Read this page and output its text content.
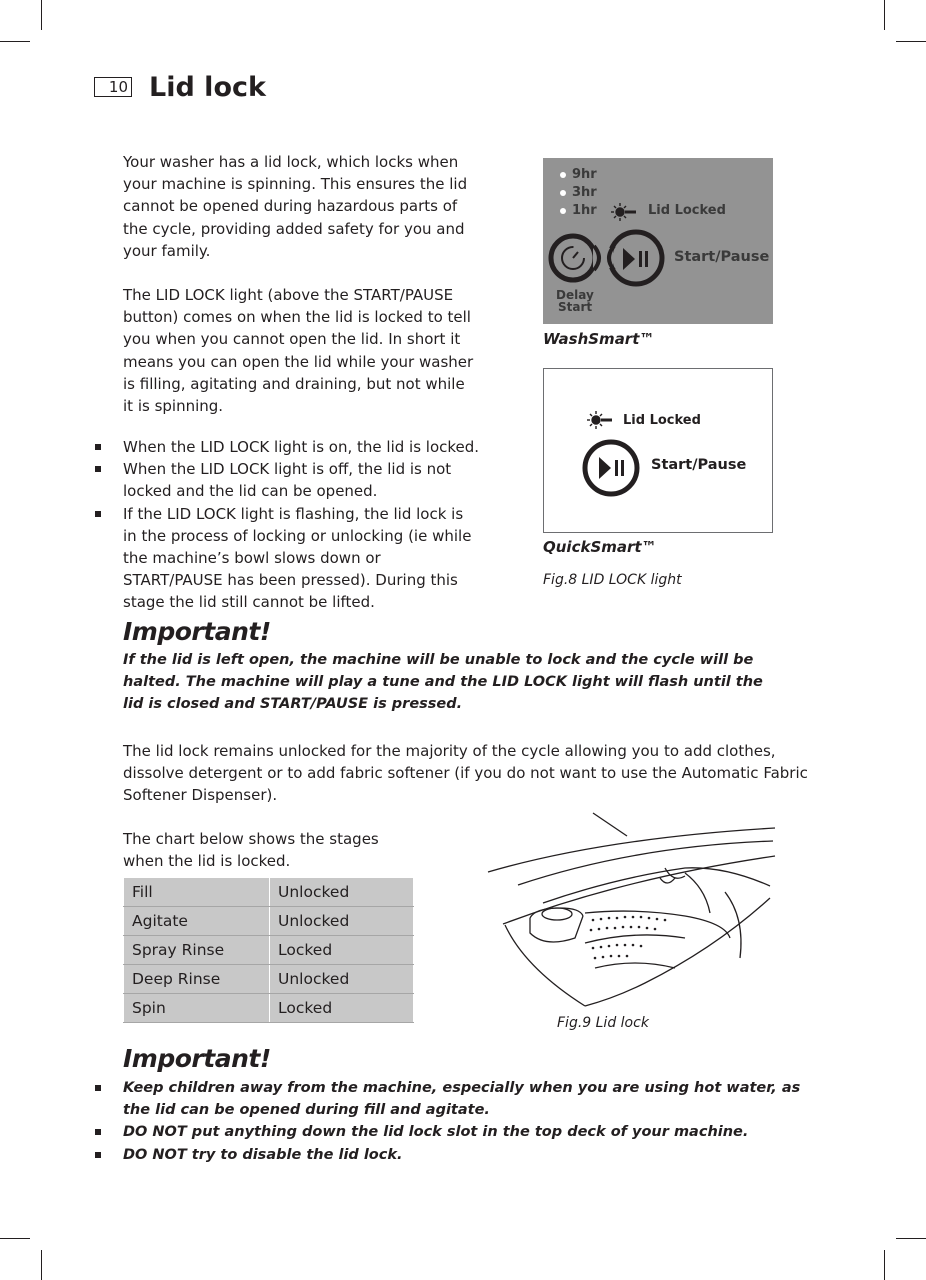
10 Lid lock

Your washer has a lid lock, which locks when your machine is spinning. This ensures the lid cannot be opened during hazardous parts of the cycle, providing added safety for you and your family.

The LID LOCK light (above the START/PAUSE button) comes on when the lid is locked to tell you when you cannot open the lid. In short it means you can open the lid while your washer is filling, agitating and draining, but not while it is spinning.

When the LID LOCK light is on, the lid is locked.
When the LID LOCK light is off, the lid is not locked and the lid can be opened.
If the LID LOCK light is flashing, the lid lock is in the process of locking or unlocking (ie while the machine’s bowl slows down or START/PAUSE has been pressed). During this stage the lid still cannot be lifted.
9hr
3hr
1hr	Lid Locked
Start/Pause
Delay
Start
WashSmart™
Lid Locked
Start/Pause
QuickSmart™
Fig.8 LID LOCK light
Important!
If the lid is left open, the machine will be unable to lock and the cycle will be halted. The machine will play a tune and the LID LOCK light will flash until the lid is closed and START/PAUSE is pressed.

The lid lock remains unlocked for the majority of the cycle allowing you to add clothes, dissolve detergent or to add fabric softener (if you do not want to use the Automatic Fabric Softener Dispenser).

The chart below shows the stages when the lid is locked.

Fill	Unlocked
Agitate	Unlocked
Spray Rinse	Locked
Deep Rinse	Unlocked
Spin	Locked
Fig.9 Lid lock
Important!
Keep children away from the machine, especially when you are using hot water, as the lid can be opened during fill and agitate.
DO NOT put anything down the lid lock slot in the top deck of your machine.
DO NOT try to disable the lid lock.
